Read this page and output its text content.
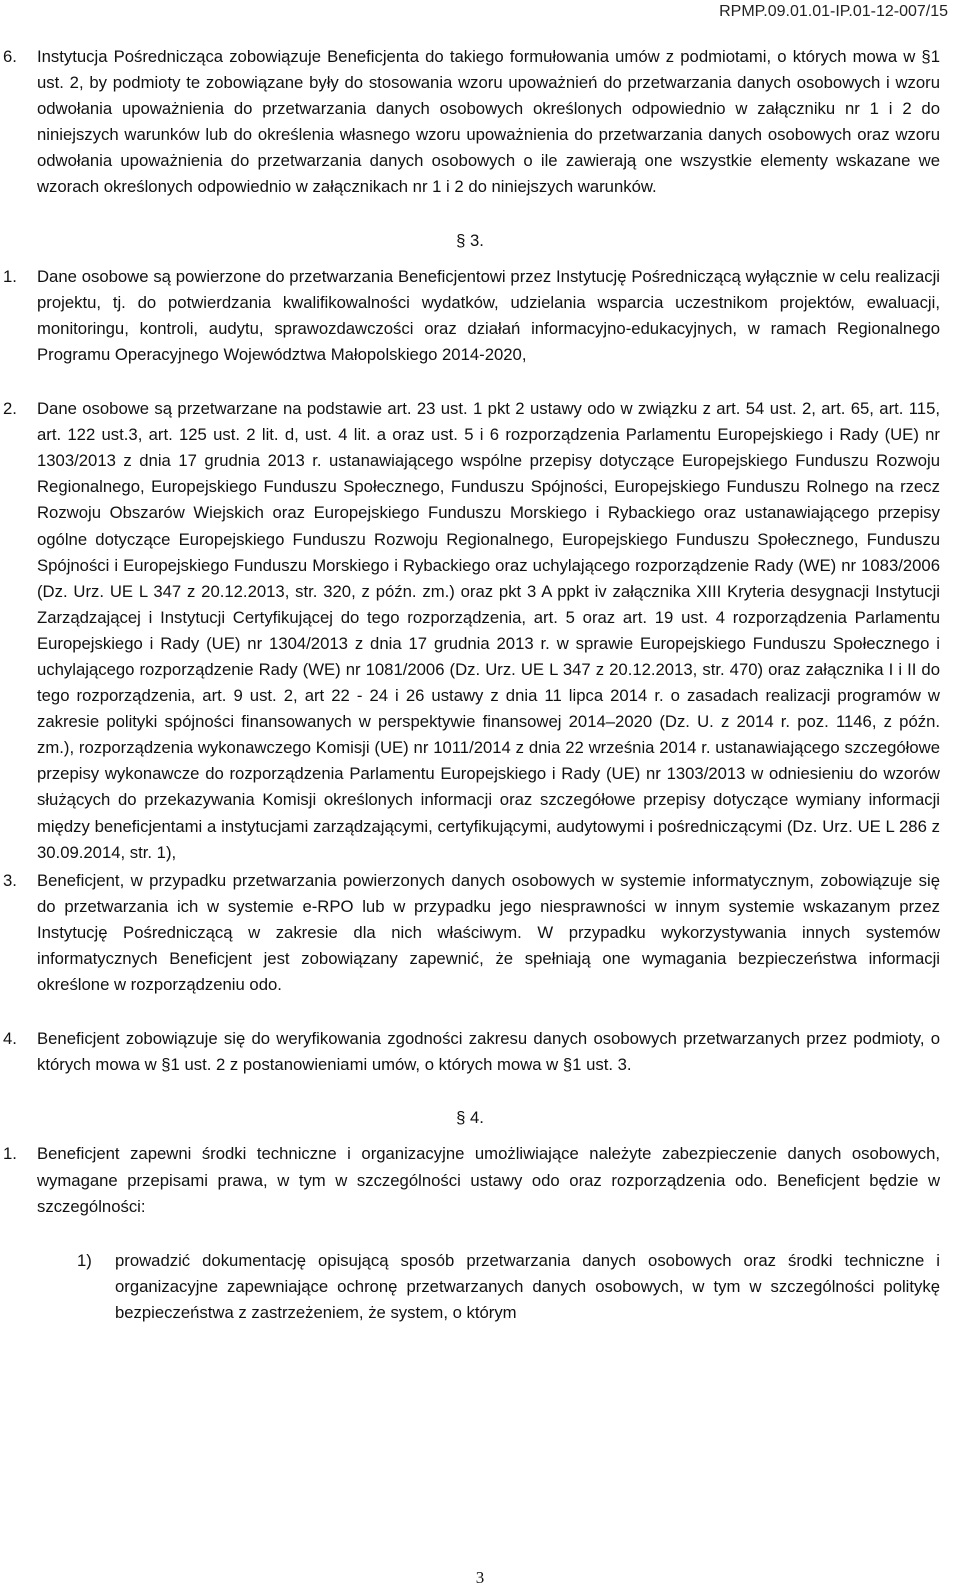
RPMP.09.01.01-IP.01-12-007/15
6. Instytucja Pośrednicząca zobowiązuje Beneficjenta do takiego formułowania umów z podmiotami, o których mowa w §1 ust. 2, by podmioty te zobowiązane były do stosowania wzoru upoważnień do przetwarzania danych osobowych i wzoru odwołania upoważnienia do przetwarzania danych osobowych określonych odpowiednio w załączniku nr 1 i 2 do niniejszych warunków lub do określenia własnego wzoru upoważnienia do przetwarzania danych osobowych oraz wzoru odwołania upoważnienia do przetwarzania danych osobowych o ile zawierają one wszystkie elementy wskazane we wzorach określonych odpowiednio w załącznikach nr 1 i 2 do niniejszych warunków.
§ 3.
1. Dane osobowe są powierzone do przetwarzania Beneficjentowi przez Instytucję Pośredniczącą wyłącznie w celu realizacji projektu, tj. do potwierdzania kwalifikowalności wydatków, udzielania wsparcia uczestnikom projektów, ewaluacji, monitoringu, kontroli, audytu, sprawozdawczości oraz działań informacyjno-edukacyjnych, w ramach Regionalnego Programu Operacyjnego Województwa Małopolskiego 2014-2020,
2. Dane osobowe są przetwarzane na podstawie art. 23 ust. 1 pkt 2 ustawy odo w związku z art. 54 ust. 2, art. 65, art. 115, art. 122 ust.3, art. 125 ust. 2 lit. d, ust. 4 lit. a oraz ust. 5 i 6 rozporządzenia Parlamentu Europejskiego i Rady (UE) nr 1303/2013 z dnia 17 grudnia 2013 r. ustanawiającego wspólne przepisy dotyczące Europejskiego Funduszu Rozwoju Regionalnego, Europejskiego Funduszu Społecznego, Funduszu Spójności, Europejskiego Funduszu Rolnego na rzecz Rozwoju Obszarów Wiejskich oraz Europejskiego Funduszu Morskiego i Rybackiego oraz ustanawiającego przepisy ogólne dotyczące Europejskiego Funduszu Rozwoju Regionalnego, Europejskiego Funduszu Społecznego, Funduszu Spójności i Europejskiego Funduszu Morskiego i Rybackiego oraz uchylającego rozporządzenie Rady (WE) nr 1083/2006 (Dz. Urz. UE L 347 z 20.12.2013, str. 320, z późn. zm.) oraz pkt 3 A ppkt iv załącznika XIII Kryteria desygnacji Instytucji Zarządzającej i Instytucji Certyfikującej do tego rozporządzenia, art. 5 oraz art. 19 ust. 4 rozporządzenia Parlamentu Europejskiego i Rady (UE) nr 1304/2013 z dnia 17 grudnia 2013 r. w sprawie Europejskiego Funduszu Społecznego i uchylającego rozporządzenie Rady (WE) nr 1081/2006 (Dz. Urz. UE L 347 z 20.12.2013, str. 470) oraz załącznika I i II do tego rozporządzenia, art. 9 ust. 2, art 22 - 24 i 26 ustawy z dnia 11 lipca 2014 r. o zasadach realizacji programów w zakresie polityki spójności finansowanych w perspektywie finansowej 2014–2020 (Dz. U. z 2014 r. poz. 1146, z późn. zm.), rozporządzenia wykonawczego Komisji (UE) nr 1011/2014 z dnia 22 września 2014 r. ustanawiającego szczegółowe przepisy wykonawcze do rozporządzenia Parlamentu Europejskiego i Rady (UE) nr 1303/2013 w odniesieniu do wzorów służących do przekazywania Komisji określonych informacji oraz szczegółowe przepisy dotyczące wymiany informacji między beneficjentami a instytucjami zarządzającymi, certyfikującymi, audytowymi i pośredniczącymi (Dz. Urz. UE L 286 z 30.09.2014, str. 1),
3. Beneficjent, w przypadku przetwarzania powierzonych danych osobowych w systemie informatycznym, zobowiązuje się do przetwarzania ich w systemie e-RPO lub w przypadku jego niesprawności w innym systemie wskazanym przez Instytucję Pośredniczącą w zakresie dla nich właściwym. W przypadku wykorzystywania innych systemów informatycznych Beneficjent jest zobowiązany zapewnić, że spełniają one wymagania bezpieczeństwa informacji określone w rozporządzeniu odo.
4. Beneficjent zobowiązuje się do weryfikowania zgodności zakresu danych osobowych przetwarzanych przez podmioty, o których mowa w §1 ust. 2 z postanowieniami umów, o których mowa w §1 ust. 3.
§ 4.
1. Beneficjent zapewni środki techniczne i organizacyjne umożliwiające należyte zabezpieczenie danych osobowych, wymagane przepisami prawa, w tym w szczególności ustawy odo oraz rozporządzenia odo. Beneficjent będzie w szczególności:
1) prowadzić dokumentację opisującą sposób przetwarzania danych osobowych oraz środki techniczne i organizacyjne zapewniające ochronę przetwarzanych danych osobowych, w tym w szczególności politykę bezpieczeństwa z zastrzeżeniem, że system, o którym
3
